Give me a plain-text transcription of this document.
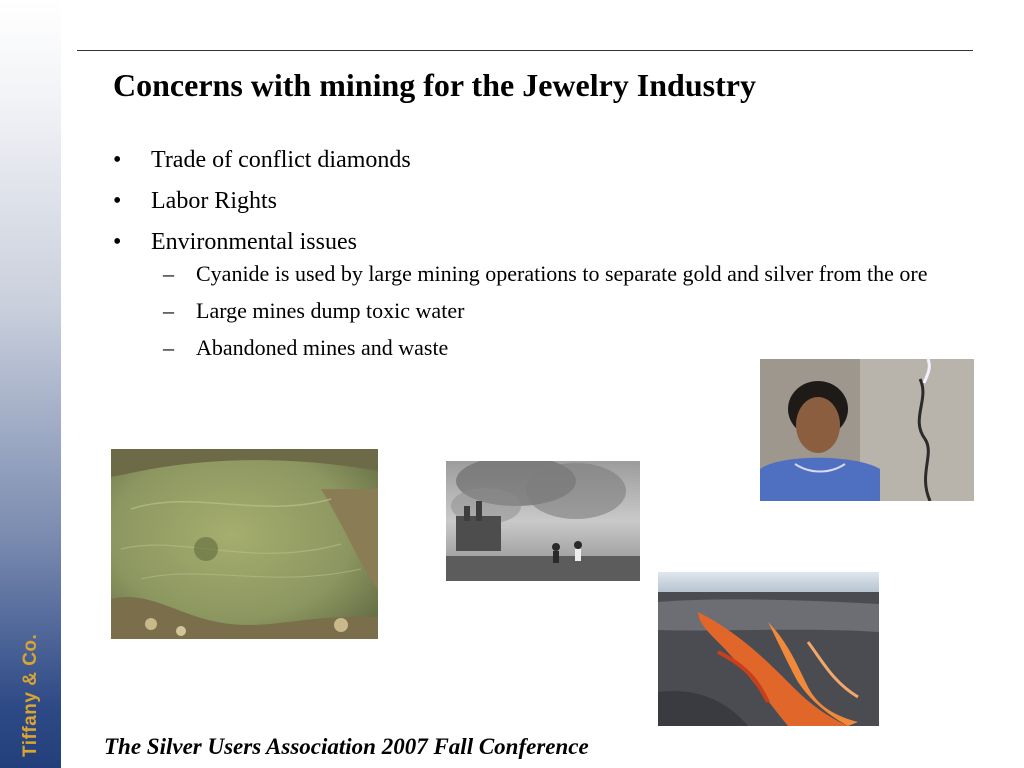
Tiffany & Co.
Concerns with mining for the Jewelry Industry
• Trade of conflict diamonds
• Labor Rights
• Environmental issues
–	Cyanide is used by large mining operations to separate gold and silver from the ore
–	Large mines dump toxic water
–	Abandoned mines and waste

The Silver Users Association 2007 Fall Conference
